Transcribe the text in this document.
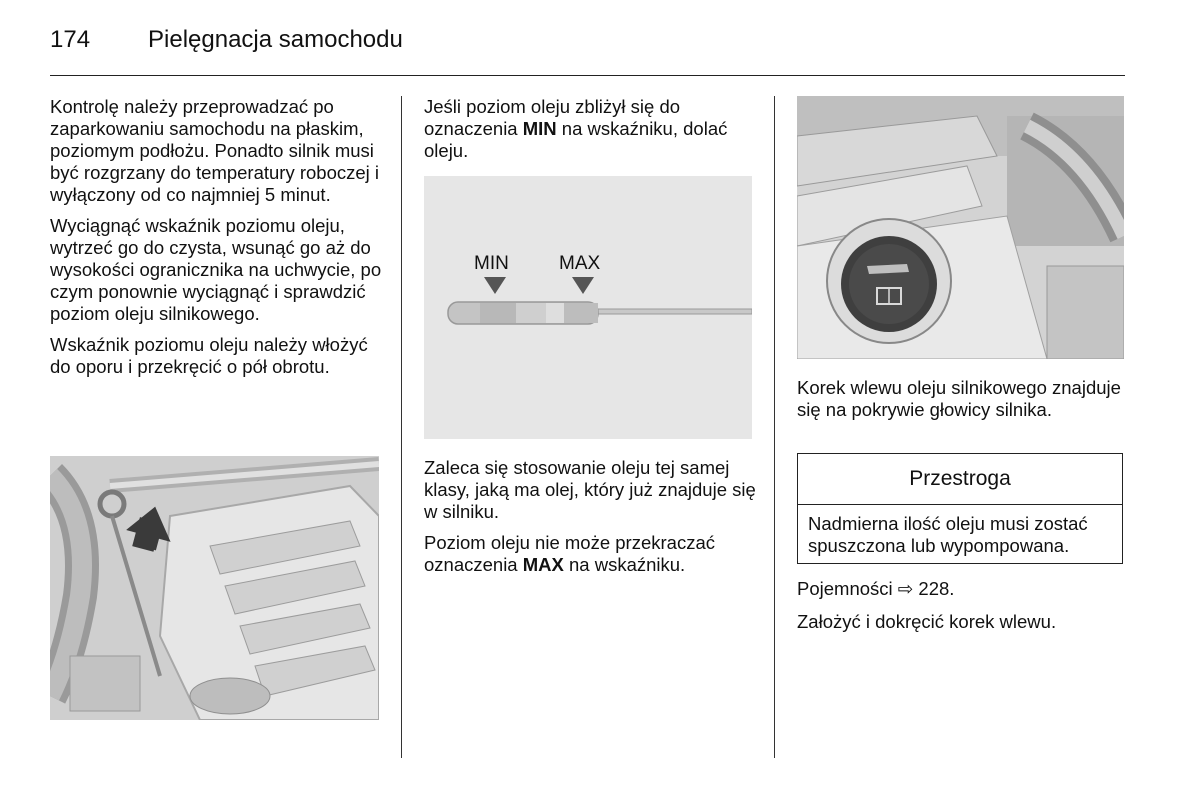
174 Pielęgnacja samochodu

Kontrolę należy przeprowadzać po zaparkowaniu samochodu na płaskim, poziomym podłożu. Ponadto silnik musi być rozgrzany do temperatury roboczej i wyłączony od co najmniej 5 minut.

Wyciągnąć wskaźnik poziomu oleju, wytrzeć go do czysta, wsunąć go aż do wysokości ogranicznika na uchwycie, po czym ponownie wyciągnąć i sprawdzić poziom oleju silnikowego.

Wskaźnik poziomu oleju należy włożyć do oporu i przekręcić o pół obrotu.

Jeśli poziom oleju zbliżył się do oznaczenia MIN na wskaźniku, dolać oleju.

MIN	MAX

Zaleca się stosowanie oleju tej samej klasy, jaką ma olej, który już znajduje się w silniku.

Poziom oleju nie może przekraczać oznaczenia MAX na wskaźniku.

Korek wlewu oleju silnikowego znajduje się na pokrywie głowicy silnika.

Przestroga
Nadmierna ilość oleju musi zostać spuszczona lub wypompowana.

Pojemności ⇨ 228.

Założyć i dokręcić korek wlewu.
